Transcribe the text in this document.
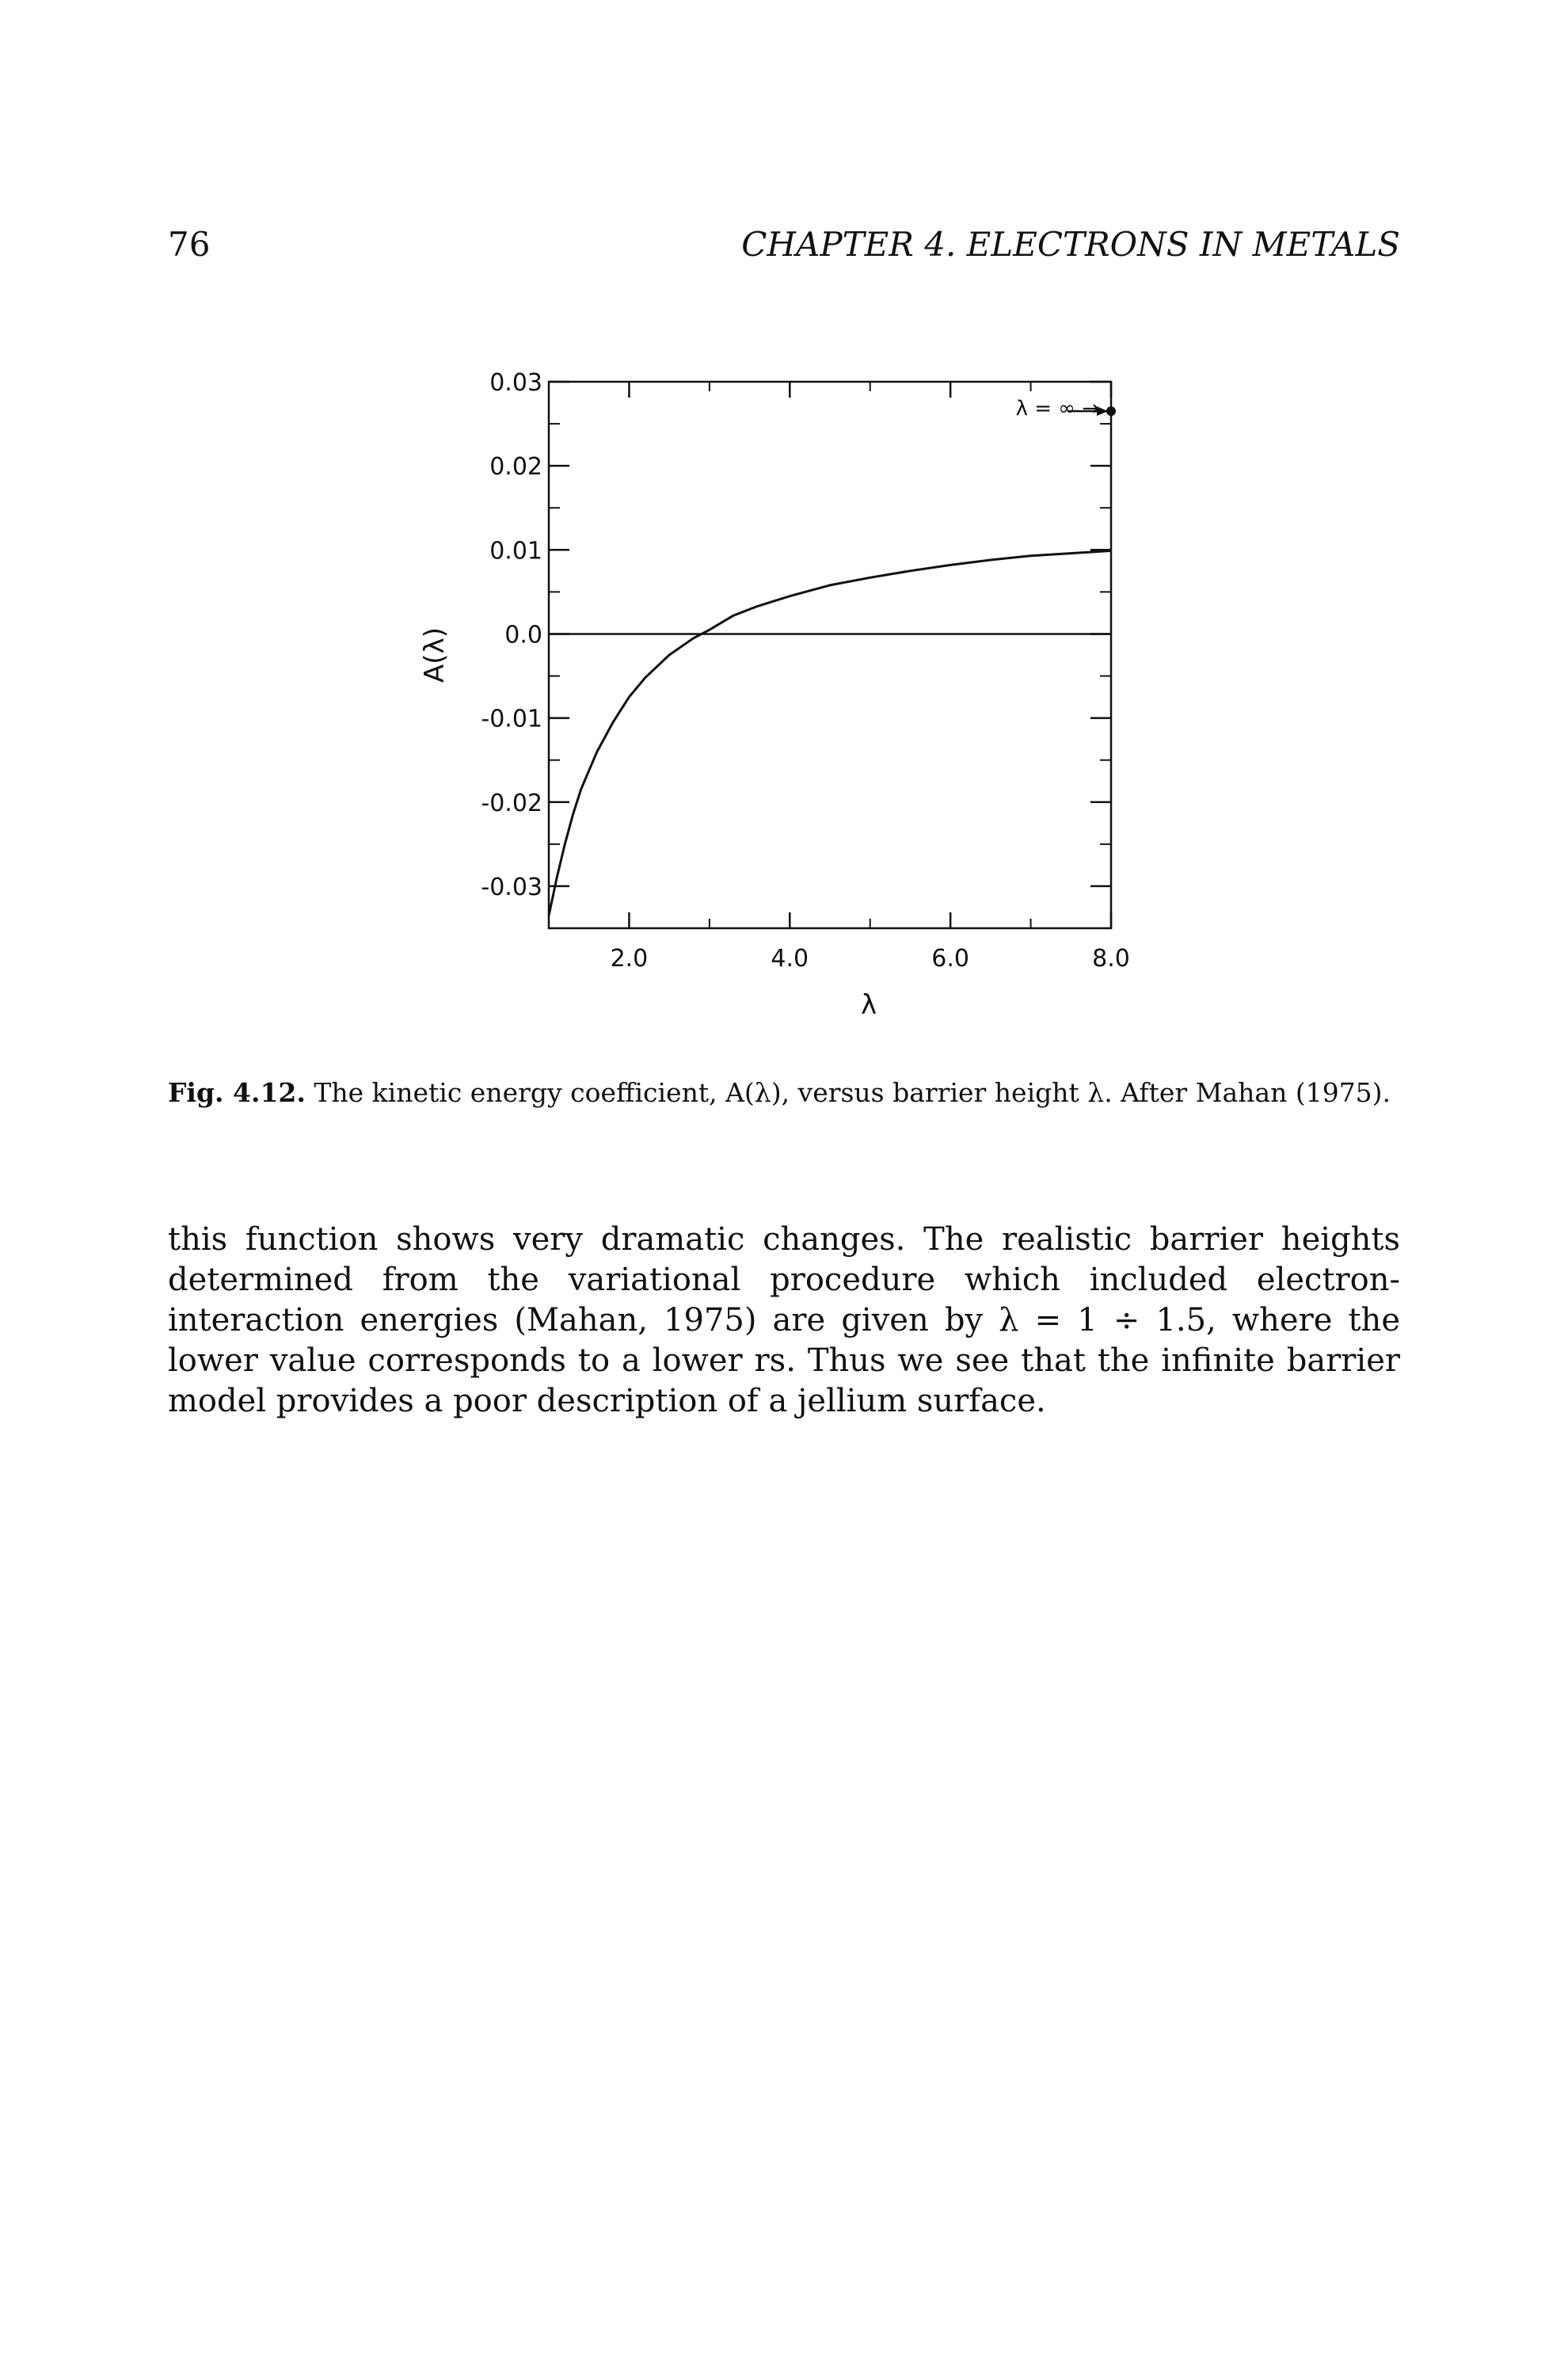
76	CHAPTER 4. ELECTRONS IN METALS
0.03
0.02
0.01
0.0
-0.01
-0.02
-0.03
2.0	4.0	6.0	8.0
A(λ)
λ
λ = ∞ →
Fig. 4.12. The kinetic energy coefficient, A(λ), versus barrier height λ. After Mahan (1975).

this function shows very dramatic changes. The realistic barrier heights determined from the variational procedure which included electron-interaction energies (Mahan, 1975) are given by λ = 1 ÷ 1.5, where the lower value corresponds to a lower rs. Thus we see that the infinite barrier model provides a poor description of a jellium surface.
